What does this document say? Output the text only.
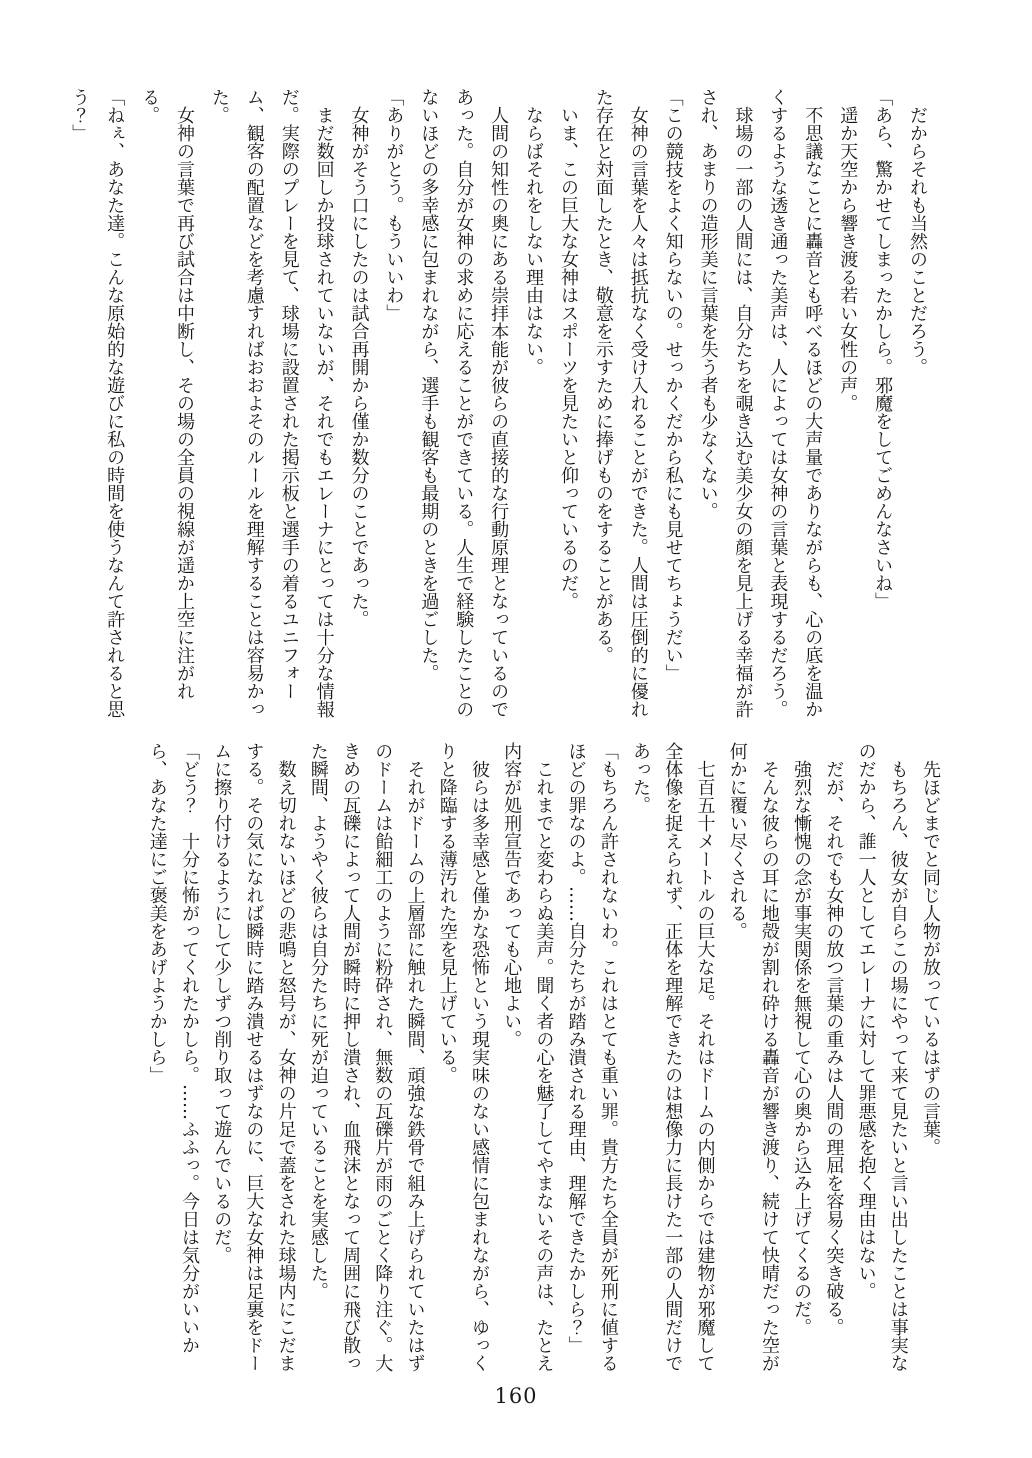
だからそれも当然のことだろう。

「あら、驚かせてしまったかしら。邪魔をしてごめんなさいね」

遥か天空から響き渡る若い女性の声。

不思議なことに轟音とも呼べるほどの大声量でありながらも、心の底を温かくするような透き通った美声は、人によっては女神の言葉と表現するだろう。

球場の一部の人間には、自分たちを覗き込む美少女の顔を見上げる幸福が許され、あまりの造形美に言葉を失う者も少なくない。

「この競技をよく知らないの。せっかくだから私にも見せてちょうだい」

女神の言葉を人々は抵抗なく受け入れることができた。人間は圧倒的に優れた存在と対面したとき、敬意を示すために捧げものをすることがある。

いま、この巨大な女神はスポーツを見たいと仰っているのだ。

ならばそれをしない理由はない。

人間の知性の奥にある崇拝本能が彼らの直接的な行動原理となっているのであった。自分が女神の求めに応えることができている。人生で経験したことのないほどの多幸感に包まれながら、選手も観客も最期のときを過ごした。

「ありがとう。もういいわ」

女神がそう口にしたのは試合再開から僅か数分のことであった。

まだ数回しか投球されていないが、それでもエレーナにとっては十分な情報だ。実際のプレーを見て、球場に設置された掲示板と選手の着るユニフォーム、観客の配置などを考慮すればおおよそのルールを理解することは容易かった。

女神の言葉で再び試合は中断し、その場の全員の視線が遥か上空に注がれる。

「ねぇ、あなた達。こんな原始的な遊びに私の時間を使うなんて許されると思う？」

先ほどまでと同じ人物が放っているはずの言葉。

もちろん、彼女が自らこの場にやって来て見たいと言い出したことは事実なのだから、誰一人としてエレーナに対して罪悪感を抱く理由はない。

だが、それでも女神の放つ言葉の重みは人間の理屈を容易く突き破る。

強烈な慚愧の念が事実関係を無視して心の奥から込み上げてくるのだ。

そんな彼らの耳に地殻が割れ砕ける轟音が響き渡り、続けて快晴だった空が何かに覆い尽くされる。

七百五十メートルの巨大な足。それはドームの内側からでは建物が邪魔して全体像を捉えられず、正体を理解できたのは想像力に長けた一部の人間だけであった。

「もちろん許されないわ。これはとても重い罪。貴方たち全員が死刑に値するほどの罪なのよ。……自分たちが踏み潰される理由、理解できたかしら？」

これまでと変わらぬ美声。聞く者の心を魅了してやまないその声は、たとえ内容が処刑宣告であっても心地よい。

彼らは多幸感と僅かな恐怖という現実味のない感情に包まれながら、ゆっくりと降臨する薄汚れた空を見上げている。

それがドームの上層部に触れた瞬間、頑強な鉄骨で組み上げられていたはずのドームは飴細工のように粉砕され、無数の瓦礫片が雨のごとく降り注ぐ。大きめの瓦礫によって人間が瞬時に押し潰され、血飛沫となって周囲に飛び散った瞬間、ようやく彼らは自分たちに死が迫っていることを実感した。

数え切れないほどの悲鳴と怒号が、女神の片足で蓋をされた球場内にこだまする。その気になれば瞬時に踏み潰せるはずなのに、巨大な女神は足裏をドームに擦り付けるようにして少しずつ削り取って遊んでいるのだ。

「どう？　十分に怖がってくれたかしら。……ふふっ。今日は気分がいいから、あなた達にご褒美をあげようかしら」

160
